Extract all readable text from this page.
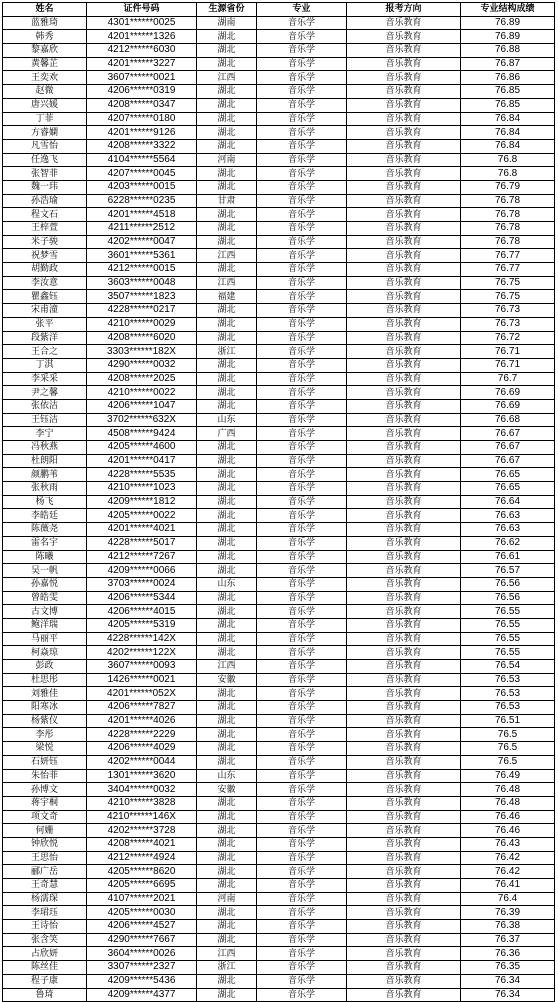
姓名	证件号码	生源省份	专业	报考方向	专业结构成绩
蓝雅琦	4301******0025	湖南	音乐学	音乐教育	76.89
韩秀	4201******1326	湖北	音乐学	音乐教育	76.89
黎嘉欣	4212******6030	湖北	音乐学	音乐教育	76.88
黄馨芷	4201******3227	湖北	音乐学	音乐教育	76.87
王奕欢	3607******0021	江西	音乐学	音乐教育	76.86
赵微	4206******0319	湖北	音乐学	音乐教育	76.85
唐兴媛	4208******0347	湖北	音乐学	音乐教育	76.85
丁菲	4207******0180	湖北	音乐学	音乐教育	76.84
方睿嫻	4201******9126	湖北	音乐学	音乐教育	76.84
凡雪怡	4208******3322	湖北	音乐学	音乐教育	76.84
任逸飞	4104******5564	河南	音乐学	音乐教育	76.8
张智菲	4207******0045	湖北	音乐学	音乐教育	76.8
魏一玮	4203******0015	湖北	音乐学	音乐教育	76.79
孙浩瑜	6228******0235	甘肃	音乐学	音乐教育	76.78
程文石	4201******4518	湖北	音乐学	音乐教育	76.78
王梓萱	4211******2512	湖北	音乐学	音乐教育	76.78
米子骏	4202******0047	湖北	音乐学	音乐教育	76.78
祝梦雪	3601******5361	江西	音乐学	音乐教育	76.77
胡勤政	4212******0015	湖北	音乐学	音乐教育	76.77
李汝意	3603******0048	江西	音乐学	音乐教育	76.75
瞿鑫钰	3507******1823	福建	音乐学	音乐教育	76.75
宋甫潼	4228******0217	湖北	音乐学	音乐教育	76.73
张平	4210******0029	湖北	音乐学	音乐教育	76.73
段紫洋	4208******6020	湖北	音乐学	音乐教育	76.72
王合之	3303******182X	浙江	音乐学	音乐教育	76.71
丁淇	4290******0032	湖北	音乐学	音乐教育	76.71
李采采	4208******2025	湖北	音乐学	音乐教育	76.7
尹之馨	4210******0022	湖北	音乐学	音乐教育	76.69
张依洁	4206******1047	湖北	音乐学	音乐教育	76.69
王钰洁	3702******632X	山东	音乐学	音乐教育	76.68
李宁	4508******9424	广西	音乐学	音乐教育	76.67
冯秋燕	4205******4600	湖北	音乐学	音乐教育	76.67
杜朗阳	4201******0417	湖北	音乐学	音乐教育	76.67
颜鹏苇	4228******5535	湖北	音乐学	音乐教育	76.65
张秋雨	4210******1023	湖北	音乐学	音乐教育	76.65
杨飞	4209******1812	湖北	音乐学	音乐教育	76.64
李皓廷	4205******0022	湖北	音乐学	音乐教育	76.63
陈薇尧	4201******4021	湖北	音乐学	音乐教育	76.63
雷名宇	4228******5017	湖北	音乐学	音乐教育	76.62
陈曦	4212******7267	湖北	音乐学	音乐教育	76.61
吴一帆	4209******0066	湖北	音乐学	音乐教育	76.57
孙嘉悦	3703******0024	山东	音乐学	音乐教育	76.56
曾皓雯	4206******5344	湖北	音乐学	音乐教育	76.56
古文博	4206******4015	湖北	音乐学	音乐教育	76.55
鲍洋瑞	4205******5319	湖北	音乐学	音乐教育	76.55
马丽平	4228******142X	湖北	音乐学	音乐教育	76.55
柯焱琼	4202******122X	湖北	音乐学	音乐教育	76.55
彭政	3607******0093	江西	音乐学	音乐教育	76.54
杜思彤	1426******0021	安徽	音乐学	音乐教育	76.53
刘雅佳	4201******052X	湖北	音乐学	音乐教育	76.53
阳寒冰	4206******7827	湖北	音乐学	音乐教育	76.53
杨紫仪	4201******4026	湖北	音乐学	音乐教育	76.51
李彤	4228******2229	湖北	音乐学	音乐教育	76.5
梁悦	4206******4029	湖北	音乐学	音乐教育	76.5
石妍钰	4202******0044	湖北	音乐学	音乐教育	76.5
朱怡菲	1301******3620	山东	音乐学	音乐教育	76.49
孙博文	3404******0032	安徽	音乐学	音乐教育	76.48
蒋宇桐	4210******3828	湖北	音乐学	音乐教育	76.48
项文奇	4210******146X	湖北	音乐学	音乐教育	76.46
何姗	4202******3728	湖北	音乐学	音乐教育	76.46
钟欣悦	4208******4021	湖北	音乐学	音乐教育	76.43
王思怡	4212******4924	湖北	音乐学	音乐教育	76.42
郦广岳	4205******8620	湖北	音乐学	音乐教育	76.42
王奇慧	4205******6695	湖北	音乐学	音乐教育	76.41
杨濡琛	4107******2021	河南	音乐学	音乐教育	76.4
李珺珏	4205******0030	湖北	音乐学	音乐教育	76.39
王诗怡	4206******4527	湖北	音乐学	音乐教育	76.38
张含笑	4290******7667	湖北	音乐学	音乐教育	76.37
占欣妍	3604******0026	江西	音乐学	音乐教育	76.36
陈丝佳	3307******2327	浙江	音乐学	音乐教育	76.35
程子康	4209******5436	湖北	音乐学	音乐教育	76.34
鲁琦	4209******4377	湖北	音乐学	音乐教育	76.34
